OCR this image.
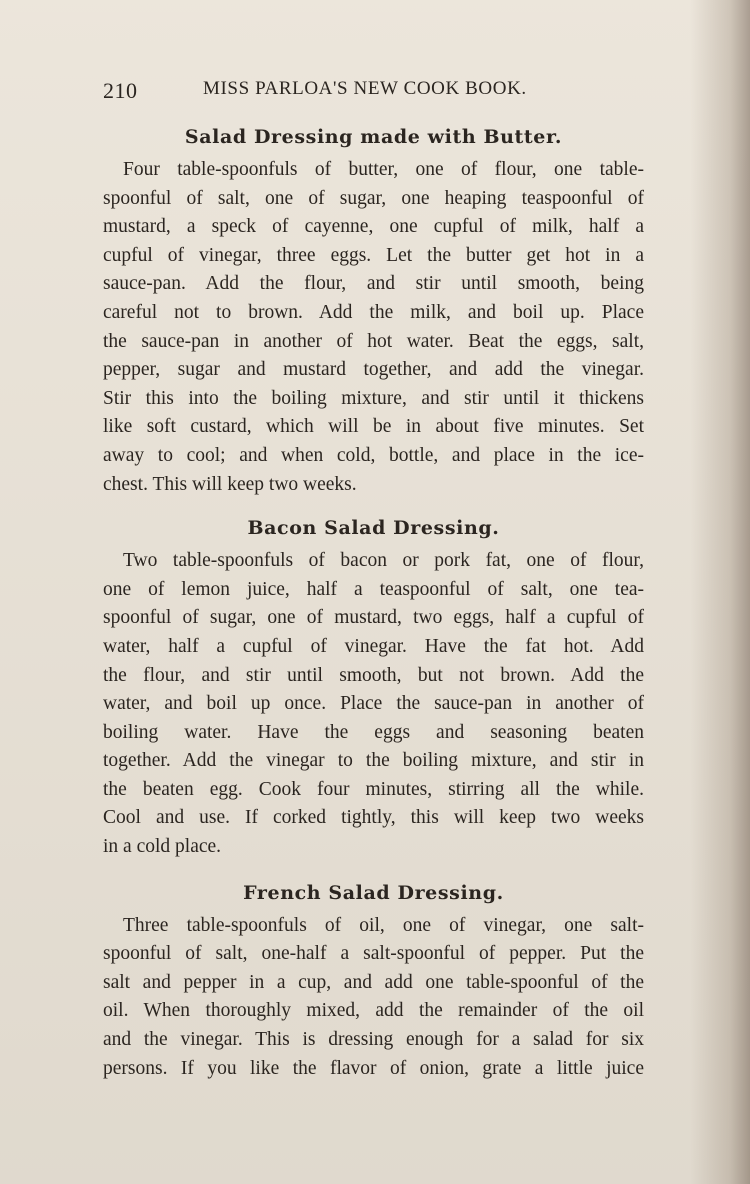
210	MISS PARLOA'S NEW COOK BOOK.
Salad Dressing made with Butter.

Four table-spoonfuls of butter, one of flour, one table-
spoonful of salt, one of sugar, one heaping teaspoonful of
mustard, a speck of cayenne, one cupful of milk, half a
cupful of vinegar, three eggs. Let the butter get hot in a
sauce-pan. Add the flour, and stir until smooth, being
careful not to brown. Add the milk, and boil up. Place
the sauce-pan in another of hot water. Beat the eggs, salt,
pepper, sugar and mustard together, and add the vinegar.
Stir this into the boiling mixture, and stir until it thickens
like soft custard, which will be in about five minutes. Set
away to cool; and when cold, bottle, and place in the ice-
chest. This will keep two weeks.

Bacon Salad Dressing.

Two table-spoonfuls of bacon or pork fat, one of flour,
one of lemon juice, half a teaspoonful of salt, one tea-
spoonful of sugar, one of mustard, two eggs, half a cupful of
water, half a cupful of vinegar. Have the fat hot. Add
the flour, and stir until smooth, but not brown. Add the
water, and boil up once. Place the sauce-pan in another of
boiling water. Have the eggs and seasoning beaten
together. Add the vinegar to the boiling mixture, and stir in
the beaten egg. Cook four minutes, stirring all the while.
Cool and use. If corked tightly, this will keep two weeks
in a cold place.

French Salad Dressing.

Three table-spoonfuls of oil, one of vinegar, one salt-
spoonful of salt, one-half a salt-spoonful of pepper. Put the
salt and pepper in a cup, and add one table-spoonful of the
oil. When thoroughly mixed, add the remainder of the oil
and the vinegar. This is dressing enough for a salad for six
persons. If you like the flavor of onion, grate a little juice
